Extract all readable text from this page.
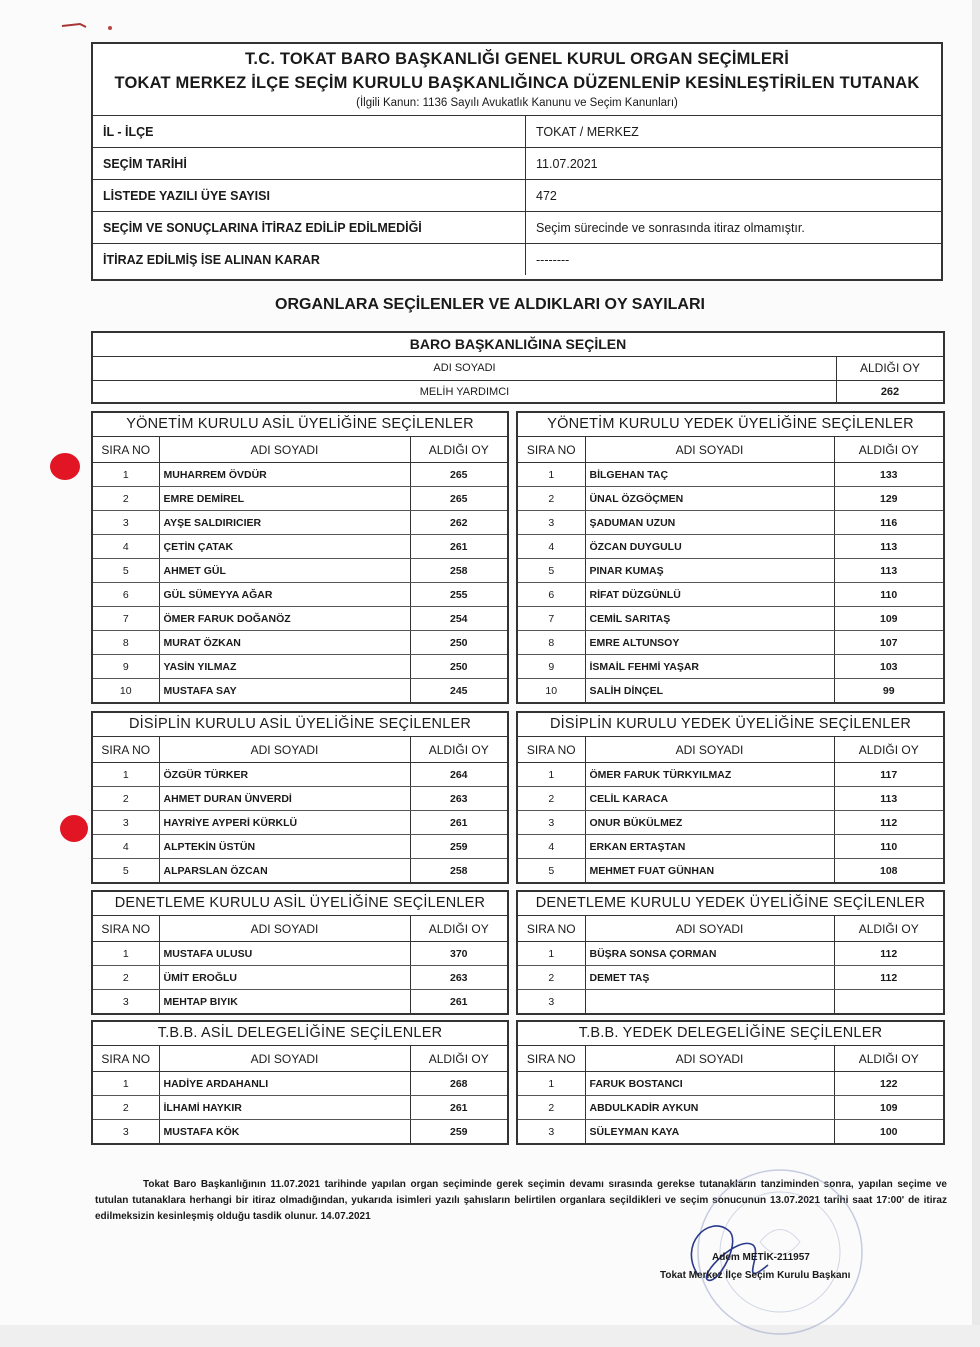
T.C. TOKAT BARO BAŞKANLIĞI GENEL KURUL ORGAN SEÇİMLERİ
TOKAT MERKEZ İLÇE SEÇİM KURULU BAŞKANLIĞINCA DÜZENLENİP KESİNLEŞTİRİLEN TUTANAK
(İlgili Kanun: 1136 Sayılı Avukatlık Kanunu ve Seçim Kanunları)
İL - İLÇE	TOKAT / MERKEZ
SEÇİM TARİHİ	11.07.2021
LİSTEDE YAZILI ÜYE SAYISI	472
SEÇİM VE SONUÇLARINA İTİRAZ EDİLİP EDİLMEDİĞİ	Seçim sürecinde ve sonrasında itiraz olmamıştır.
İTİRAZ EDİLMİŞ İSE ALINAN KARAR	--------
ORGANLARA SEÇİLENLER VE ALDIKLARI OY SAYILARI
BARO BAŞKANLIĞINA SEÇİLEN
ADI SOYADI	ALDIĞI OY
MELİH YARDIMCI	262
YÖNETİM KURULU ASİL ÜYELİĞİNE SEÇİLENLER
SIRA NO	ADI SOYADI	ALDIĞI OY
1	MUHARREM ÖVDÜR	265
2	EMRE DEMİREL	265
3	AYŞE SALDIRICIER	262
4	ÇETİN ÇATAK	261
5	AHMET GÜL	258
6	GÜL SÜMEYYA AĞAR	255
7	ÖMER FARUK DOĞANÖZ	254
8	MURAT ÖZKAN	250
9	YASİN YILMAZ	250
10	MUSTAFA SAY	245
YÖNETİM KURULU YEDEK ÜYELİĞİNE SEÇİLENLER
SIRA NO	ADI SOYADI	ALDIĞI OY
1	BİLGEHAN TAÇ	133
2	ÜNAL ÖZGÖÇMEN	129
3	ŞADUMAN UZUN	116
4	ÖZCAN DUYGULU	113
5	PINAR KUMAŞ	113
6	RİFAT DÜZGÜNLÜ	110
7	CEMİL SARITAŞ	109
8	EMRE ALTUNSOY	107
9	İSMAİL FEHMİ YAŞAR	103
10	SALİH DİNÇEL	99
DİSİPLİN KURULU ASİL ÜYELİĞİNE SEÇİLENLER
SIRA NO	ADI SOYADI	ALDIĞI OY
1	ÖZGÜR TÜRKER	264
2	AHMET DURAN ÜNVERDİ	263
3	HAYRİYE AYPERİ KÜRKLÜ	261
4	ALPTEKİN ÜSTÜN	259
5	ALPARSLAN ÖZCAN	258
DİSİPLİN KURULU YEDEK ÜYELİĞİNE SEÇİLENLER
SIRA NO	ADI SOYADI	ALDIĞI OY
1	ÖMER FARUK TÜRKYILMAZ	117
2	CELİL KARACA	113
3	ONUR BÜKÜLMEZ	112
4	ERKAN ERTAŞTAN	110
5	MEHMET FUAT GÜNHAN	108
DENETLEME KURULU ASİL ÜYELİĞİNE SEÇİLENLER
SIRA NO	ADI SOYADI	ALDIĞI OY
1	MUSTAFA ULUSU	370
2	ÜMİT EROĞLU	263
3	MEHTAP BIYIK	261
DENETLEME KURULU YEDEK ÜYELİĞİNE SEÇİLENLER
SIRA NO	ADI SOYADI	ALDIĞI OY
1	BÜŞRA SONSA ÇORMAN	112
2	DEMET TAŞ	112
3		
T.B.B. ASİL DELEGELİĞİNE SEÇİLENLER
SIRA NO	ADI SOYADI	ALDIĞI OY
1	HADİYE ARDAHANLI	268
2	İLHAMİ HAYKIR	261
3	MUSTAFA KÖK	259
T.B.B. YEDEK DELEGELİĞİNE SEÇİLENLER
SIRA NO	ADI SOYADI	ALDIĞI OY
1	FARUK BOSTANCI	122
2	ABDULKADİR AYKUN	109
3	SÜLEYMAN KAYA	100
Tokat Baro Başkanlığının 11.07.2021 tarihinde yapılan organ seçiminde gerek seçimin devamı sırasında gerekse tutanakların tanziminden sonra, yapılan seçime ve tutulan tutanaklara herhangi bir itiraz olmadığından, yukarıda isimleri yazılı şahısların belirtilen organlara seçildikleri ve seçim sonucunun 13.07.2021 tarihi saat 17:00' de itiraz edilmeksizin kesinleşmiş olduğu tasdik olunur. 14.07.2021
Adem METİK-211957
Tokat Merkez İlçe Seçim Kurulu Başkanı
